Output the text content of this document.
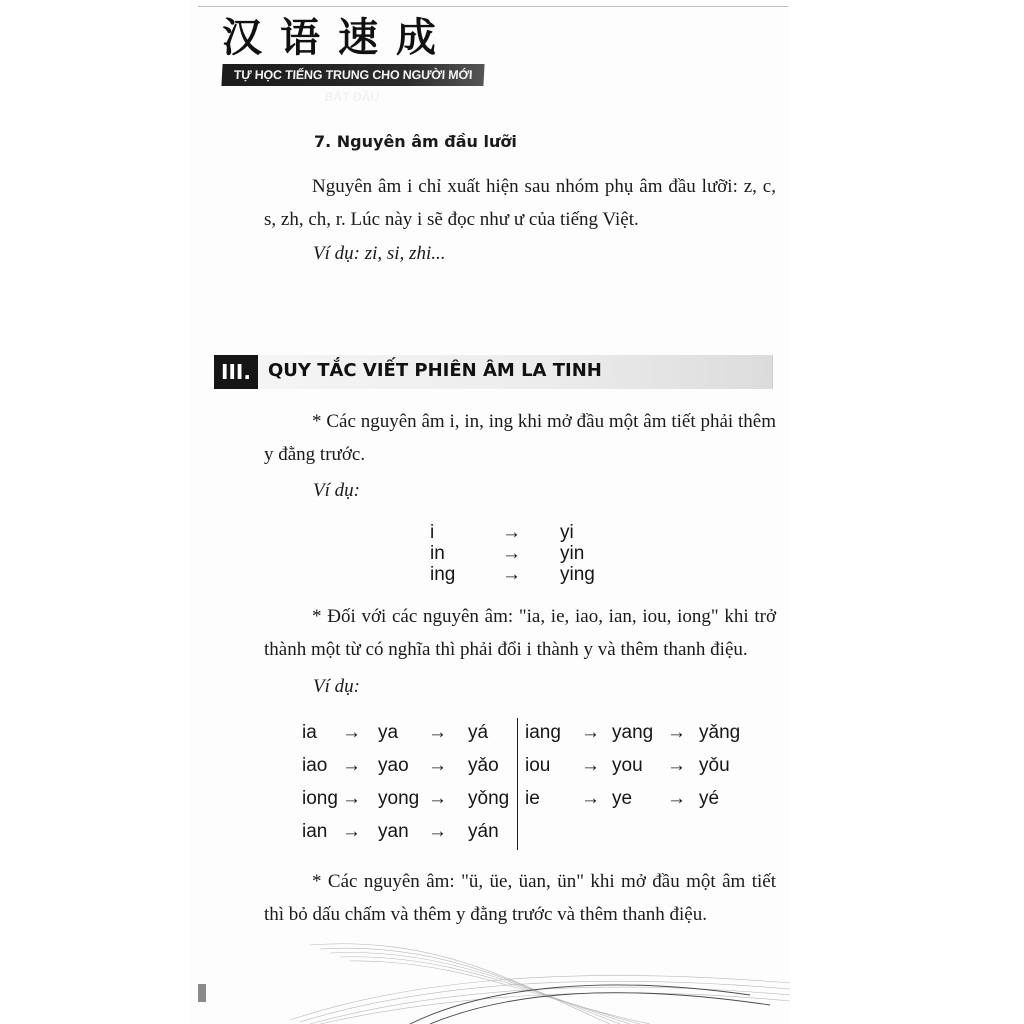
汉语速成
TỰ HỌC TIẾNG TRUNG CHO NGƯỜI MỚI BẮT ĐẦU
7. Nguyên âm đầu lưỡi

Nguyên âm i chỉ xuất hiện sau nhóm phụ âm đầu lưỡi: z, c, s, zh, ch, r. Lúc này i sẽ đọc như ư của tiếng Việt.

Ví dụ: zi, si, zhi...

III. QUY TẮC VIẾT PHIÊN ÂM LA TINH

* Các nguyên âm i, in, ing khi mở đầu một âm tiết phải thêm y đằng trước.

Ví dụ:

i	→ yi
in	→ yin
ing → ying

* Đối với các nguyên âm: "ia, ie, iao, ian, iou, iong" khi trở thành một từ có nghĩa thì phải đổi i thành y và thêm thanh điệu.

Ví dụ:

ia → ya → yá iang → yang → yǎng
iao → yao → yǎo iou → you → yǒu
iong → yong → yǒng ie → ye → yé
ian → yan → yán

* Các nguyên âm: "ü, üe, üan, ün" khi mở đầu một âm tiết thì bỏ dấu chấm và thêm y đằng trước và thêm thanh điệu.
